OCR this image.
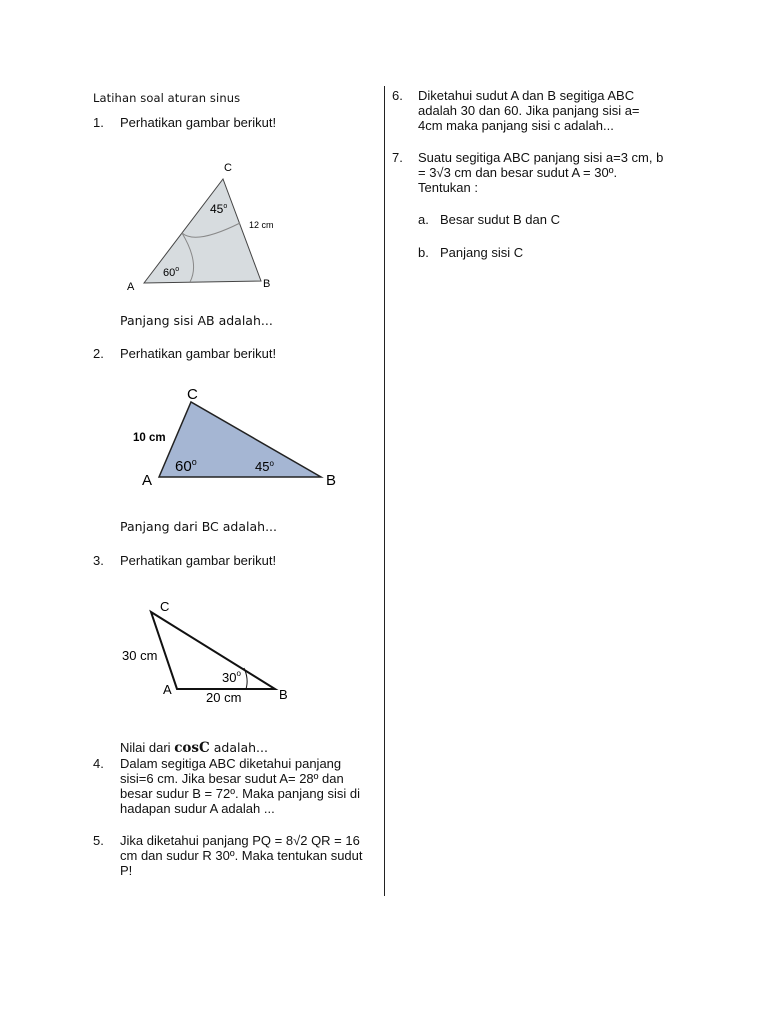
Latihan soal aturan sinus
1. Perhatikan gambar berikut!
C
A	B
45$^o$
60$^o$
12 cm
Panjang sisi AB adalah...
2. Perhatikan gambar berikut!
C
A	B
10 cm
60$^o$	45$^o$
Panjang dari BC adalah...
3. Perhatikan gambar berikut!
C
A	B
30 cm
20 cm
30$^o$
Nilai dari cosC adalah...
4. Dalam segitiga ABC diketahui panjang
sisi=6 cm. Jika besar sudut A= 28º dan
besar sudur B = 72º. Maka panjang sisi di
hadapan sudur A adalah ...
5. Jika diketahui panjang PQ = 8√2 QR = 16
cm dan sudur R 30º. Maka tentukan sudut
P!
6. Diketahui sudut A dan B segitiga ABC
adalah 30 dan 60. Jika panjang sisi a=
4cm maka panjang sisi c adalah...
7. Suatu segitiga ABC panjang sisi a=3 cm, b
= 3√3 cm dan besar sudut A = 30º.
Tentukan :
a. Besar sudut B dan C
b. Panjang sisi C
